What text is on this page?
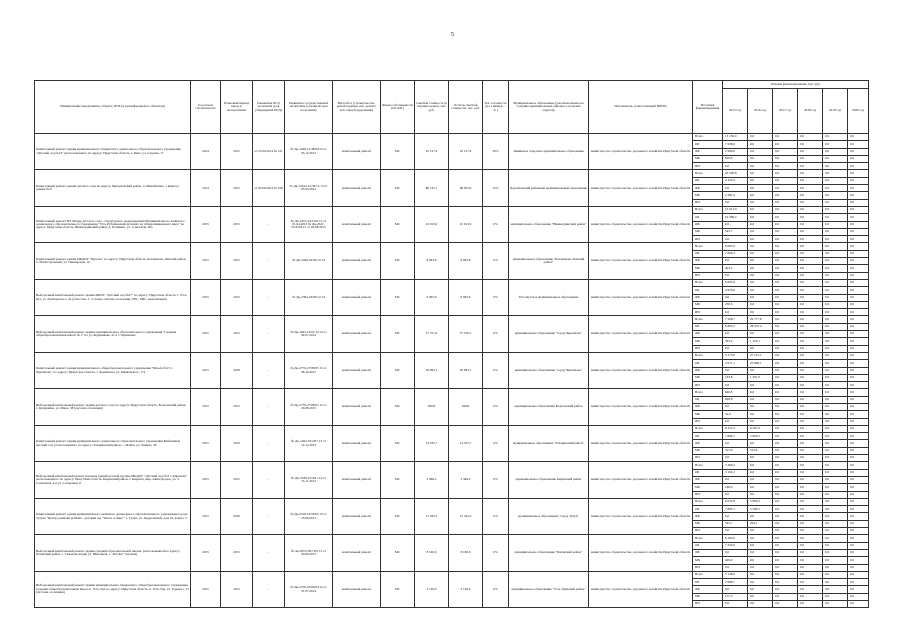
5
Наименование мероприятия, объекта, ППР (в расшифровкой по объектам)	Год начала строительства	Плановый период ввода в эксплуатацию	Реквизиты ПСД (основной срок утверждения ПСД)	Реквизиты государственной экспертизы (основной срок получения)	Вид работ (строительство, реконструкция, кап. ремонт, кап. переоборудование)	Форма собственности (ОС/МС)	Сметная стоимость (в текущих ценах), тыс. руб.	Остаток сметной стоимости, тыс. руб.	Тех. готовность (на 1 января ... % )	Муниципальное образование (уполномоченное на создание муниципальных районов, городских округов)	Исполнитель (ответственный ИОГВ)	Источник финансирования	Объемы финансирования, тыс. руб.					
													2015 год	2016 год	2017 год	2018 год	2019 год	2020 год
Капитальный ремонт здания муниципального бюджетного дошкольного образовательного учреждения "Детский сад №14" расположенного по адресу: Иркутская область, г. Зима, ул. Садовая, 17	2014	2015	от 25.04.2014 № 121	№ Дк-1248-12/48/04/13 от 03.12.2013	капитальный ремонт	МС	10 157,4	10 157,4	30%	Зиминское городское муниципальное образование	министерство строительства, дорожного хозяйства Иркутской области	Всего	13 156,0	0,0	0,0	0,0	0,0	0,0
												ОБ	7 638,6	0,0	0,0	0,0	0,0	0,0
												ФБ	2 996,6	0,0	0,0	0,0	0,0	0,0
												МБ	620,8	0,0	0,0	0,0	0,0	0,0
												ИИ	0,0	0,0	0,0	0,0	0,0	0,0
Капитальный ремонт здания детского сада на адресу: Черемховский район, п. Михайловка, 1 квартал, здание № 6	2014	2015	от 03.09.2014 № 558	№ Дк-12224-12/36/12 13 от 05.03.2014	капитальный ремонт	МС	80 135,1	68 055,9	15%	Черемховский районный муниципальный образование	министерство строительства, дорожного хозяйства Иркутской области	Всего	43 506,8	0,0	0,0	0,0	0,0	0,0
												ОБ	4 320,4	0,0	0,0	0,0	0,0	0,0
												ФБ	0,0	0,0	0,0	0,0	0,0	0,0
												МБ	2 287,4	0,0	0,0	0,0	0,0	0,0
												ИИ	0,0	0,0	0,0	0,0	0,0	0,0
Капитальный ремонт НЭ-Мандр детского сада - структурного подразделения Муниципального казённого дошкольного образовательного учреждения "Усть-Рубахинский детский сад общеразвивающего вида" по адресу: Иркутская область, Нижнеудинский район, д. Пушкино, ул. Советская, 20а	2015	2015	-	№ Дк-2457-24/1501.15 от 01.04.2015 № Дк-2547-25/4704.15 от 04.08.2015	капитальный ремонт	МС	10 913,9	10 913,9	0%	муниципальное образование "Нижнеудинский район"	министерство строительства, дорожного хозяйства Иркутской области	Всего	10 913,9	0,0	0,0	0,0	0,0	0,0
												ОБ	10 368,2	0,0	0,0	0,0	0,0	0,0
												ФБ	0,0	0,0	0,0	0,0	0,0	0,0
												МБ	545,7	0,0	0,0	0,0	0,0	0,0
												ИИ	0,0	0,0	0,0	0,0	0,0	0,0
Капитальный ремонт здания МКДОУ "Березка" по адресу: Иркутская область, Казачинско-Ленский район, п. Магистральный, ул. Пионерская, 10	2015	2015	-	№ Дк-2446-24/09/12.14	капитальный ремонт	МС	8 063,6	8 063,6	0%	муниципальное образование "Казачинско-Ленский район"	министерство строительства, дорожного хозяйства Иркутской области	Всего	8 063,6	0,0	0,0	0,0	0,0	0,0
												ОБ	7 660,4	0,0	0,0	0,0	0,0	0,0
												ФБ	0,0	0,0	0,0	0,0	0,0	0,0
												МБ	403,2	0,0	0,0	0,0	0,0	0,0
												ИИ	0,0	0,0	0,0	0,0	0,0	0,0
Выборочный капитальный ремонт здания МКОУ "Детский сад №27" по адресу: Иркутская область, г. Усть-Кут, ул. Луначарского, 24 (отмостка, 1, 2 этажи, система отопления, ГВС, ХВС, канализация)	2015	2015	-	№ Дк-2394-23/09/12.14	капитальный ремонт	МС	6 065,9	6 065,9	0%	Усть-Кутское муниципальное образование	министерство строительства, дорожного хозяйства Иркутской области	Всего	6 065,9	0,0	0,0	0,0	0,0	0,0
												ОБ	4 976,6	0,0	0,0	0,0	0,0	0,0
												ФБ	0,0	0,0	0,0	0,0	0,0	0,0
												МБ	258,3	0,0	0,0	0,0	0,0	0,0
												ИИ	0,0	0,0	0,0	0,0	0,0	0,0
Выборочный капитальный ремонт здания муниципального образовательного учреждения "Средняя общеобразовательная школа № 1" по ул. Бердникова, 41 в г. Черемхово	2015	2015	-	№ Дк-1643-16/01/12.14 от 04.07.2014	капитальный ремонт	МС	37 371,9	37 376,5	0%	муниципальное образование "город Черемхово"	министерство строительства, дорожного хозяйства Иркутской области	Всего	7 508,7	29 777,8	0,0	0,0	0,0	0,0
												ОБ	6 865,5	28 591,4	0,0	0,0	0,0	0,0
												ФБ	0,0	0,0	0,0	0,0	0,0	0,0
												МБ	363,4	1 326,1	0,0	0,0	0,0	0,0
												ИИ	0,0	0,0	0,0	0,0	0,0	0,0
Капитальный ремонт здания муниципального общеобразовательного учреждения "Школа №15 г. Черемхово" по адресу: Иркутская область, г. Черемхово, ул. Маяковского, 172	2015	2016	-	№ Дк-2776-27/08/05 15 от 08.10.2015	капитальный ремонт	МС	30 693,1	30 693,1	0%	муниципальное образование "город Черемхово"	министерство строительства, дорожного хозяйства Иркутской области	Всего	3 275,0	27 221,1	0,0	0,0	0,0	0,0
												ОБ	3 071,1	25 860,1	0,0	0,0	0,0	0,0
												ФБ	0,0	0,0	0,0	0,0	0,0	0,0
												МБ	163,8	1 361,0	0,0	0,0	0,0	0,0
												ИИ	0,0	0,0	0,0	0,0	0,0	0,0
Выборочный капитальный ремонт здания детского сада по адресу: Иркутская область, Балаганский район, с. Кумарейка, ул. Мира, 38 (система отопления)	2015	2015	-	№ Дк-2779-27/08/05 15 от 20.08.2015	капитальный ремонт	МС	640,8	640,8	0%	муниципальное образование Балаганский район	министерство строительства, дорожного хозяйства Иркутской области	Всего	640,8	0,0	0,0	0,0	0,0	0,0
												ОБ	608,8	0,0	0,0	0,0	0,0	0,0
												ФБ	0,0	0,0	0,0	0,0	0,0	0,0
												МБ	32,0	0,0	0,0	0,0	0,0	0,0
												ИИ	0,0	0,0	0,0	0,0	0,0	0,0
Капитальный ремонт здания муниципального дошкольного образовательного учреждения Майскиной детский сад, расположенного по адресу: Заларинский район, с. Майск, ул. Ленина, 30	2015	2016	-	№ Дк-1462-35/2/07.13 от 12.12.2013	капитальный ремонт	МС	14 535,7	14 535,7	0%	муниципальное образование "Заларинский район"	министерство строительства, дорожного хозяйства Иркутской области	Всего	8 312,3	6 281,9	0,0	0,0	0,0	0,0
												ОБ	7 896,7	5 969,3	0,0	0,0	0,0	0,0
												ФБ	0,0	0,0	0,0	0,0	0,0	0,0
												МБ	415,6	312,6	0,0	0,0	0,0	0,0
												ИИ	0,0	0,0	0,0	0,0	0,0	0,0
Выборочный капитальный ремонт (кровля) зданий детской группы МКДОУ "Детский сад № 8 г. Киренска" расположенного по адресу: Иркутская область, Киренский район, г. Киренск, мкр. Авиагородок, ул. 3 Солнечная, 4 и ул. Солнечная, 8	2015	2015	-	№ Дк-2336-23/4/01.14 от 25.11.2014	капитальный ремонт	МС	3 366,2	3 366,2	0%	муниципальное образование Киренский район	министерство строительства, дорожного хозяйства Иркутской области	Всего	3 366,2	0,0	0,0	0,0	0,0	0,0
												ОБ	3 192,2	0,0	0,0	0,0	0,0	0,0
												ФБ	0,0	0,0	0,0	0,0	0,0	0,0
												МБ	168,0	0,0	0,0	0,0	0,0	0,0
												ИИ	0,0	0,0	0,0	0,0	0,0	0,0
Капитальный ремонт здания муниципального казённого дошкольного образовательного учреждения города Тулуна "Центр развития ребёнка - детский сад "Ясное солнце"" г. Тулун, ул. Гидролизной, дом 16, корпус 2	2015	2016	-	№ Дк-0318-19/56/05.13 от 25.06.2013	капитальный ремонт	МС	13 432,3	12 542,0	0%	муниципальное образование "город Тулун"	министерство строительства, дорожного хозяйства Иркутской области	Всего	8 032,8	5 983,2	0,0	0,0	0,0	0,0
												ОБ	7 885,1	5 589,1	0,0	0,0	0,0	0,0
												ФБ	0,0	0,0	0,0	0,0	0,0	0,0
												МБ	545,7	294,1	0,0	0,0	0,0	0,0
												ИИ	0,0	0,0	0,0	0,0	0,0	0,0
Выборочный капитальный ремонт здания средней образовательной школы, расположенной по адресу: Боханский район, с. Тихонова-Пади, ул. Школьная, 1 "Рассвет" (кровля)	2015	2015	-	№ Дк-0972-09/7/09 13 от 20.06.2013	капитальный ремонт	МС	8 160,6	8 160,6	0%	муниципальное образование "Боханский район"	министерство строительства, дорожного хозяйства Иркутской области	Всего	8 160,6	0,0	0,0	0,0	0,0	0,0
												ОБ	7 250,0	0,0	0,0	0,0	0,0	0,0
												ФБ	0,0	0,0	0,0	0,0	0,0	0,0
												МБ	409,0	0,0	0,0	0,0	0,0	0,0
												ИИ	0,0	0,0	0,0	0,0	0,0	0,0
Выборочный капитальный ремонт зданий муниципального бюджетного общеобразовательного учреждения Средняя общеобразовательная школа п. Усть-Уда по адресу: Иркутская область, п. Усть-Уда, ул. Горького, 13 (система отопления)	2015	2015	-	№ Дк-2378-23/09/04.14 от 31.07.2014	капитальный ремонт	МС	3 146,0	3 146,0	0%	муниципальное образование "Усть-Удинский район"	министерство строительства, дорожного хозяйства Иркутской области	Всего	3 146,0	0,0	0,0	0,0	0,0	0,0
												ОБ	2 988,7	0,0	0,0	0,0	0,0	0,0
												ФБ	0,0	0,0	0,0	0,0	0,0	0,0
												МБ	157,3	0,0	0,0	0,0	0,0	0,0
												ИИ	0,0	0,0	0,0	0,0	0,0	0,0
